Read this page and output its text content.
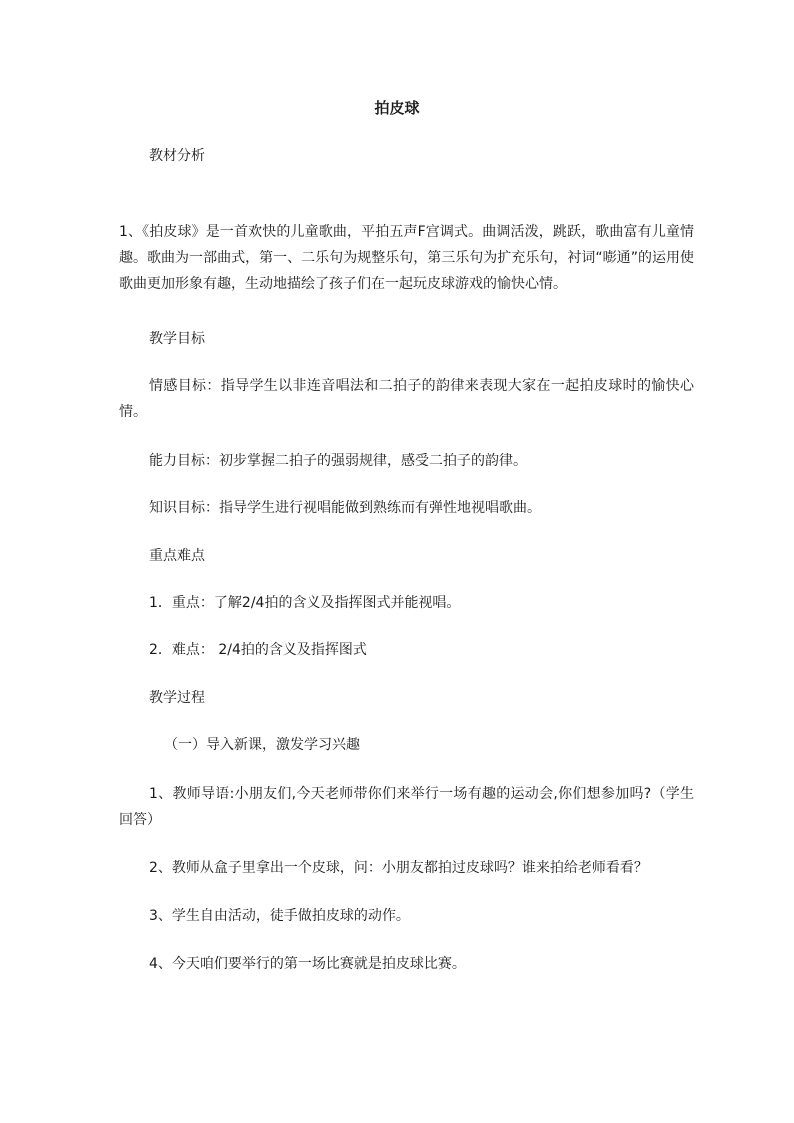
拍皮球
教材分析
1、《拍皮球》是一首欢快的儿童歌曲，平拍五声F宫调式。曲调活泼，跳跃，歌曲富有儿童情趣。歌曲为一部曲式，第一、二乐句为规整乐句，第三乐句为扩充乐句，衬词“嘭通”的运用使歌曲更加形象有趣，生动地描绘了孩子们在一起玩皮球游戏的愉快心情。
教学目标
情感目标：指导学生以非连音唱法和二拍子的韵律来表现大家在一起拍皮球时的愉快心情。
能力目标：初步掌握二拍子的强弱规律，感受二拍子的韵律。
知识目标：指导学生进行视唱能做到熟练而有弹性地视唱歌曲。
重点难点
1．重点：了解2/4拍的含义及指挥图式并能视唱。
2．难点： 2/4拍的含义及指挥图式
教学过程
（一）导入新课，激发学习兴趣
1、教师导语:小朋友们,今天老师带你们来举行一场有趣的运动会,你们想参加吗?（学生回答）
2、教师从盒子里拿出一个皮球，问：小朋友都拍过皮球吗？谁来拍给老师看看？
3、学生自由活动，徒手做拍皮球的动作。
4、今天咱们要举行的第一场比赛就是拍皮球比赛。
